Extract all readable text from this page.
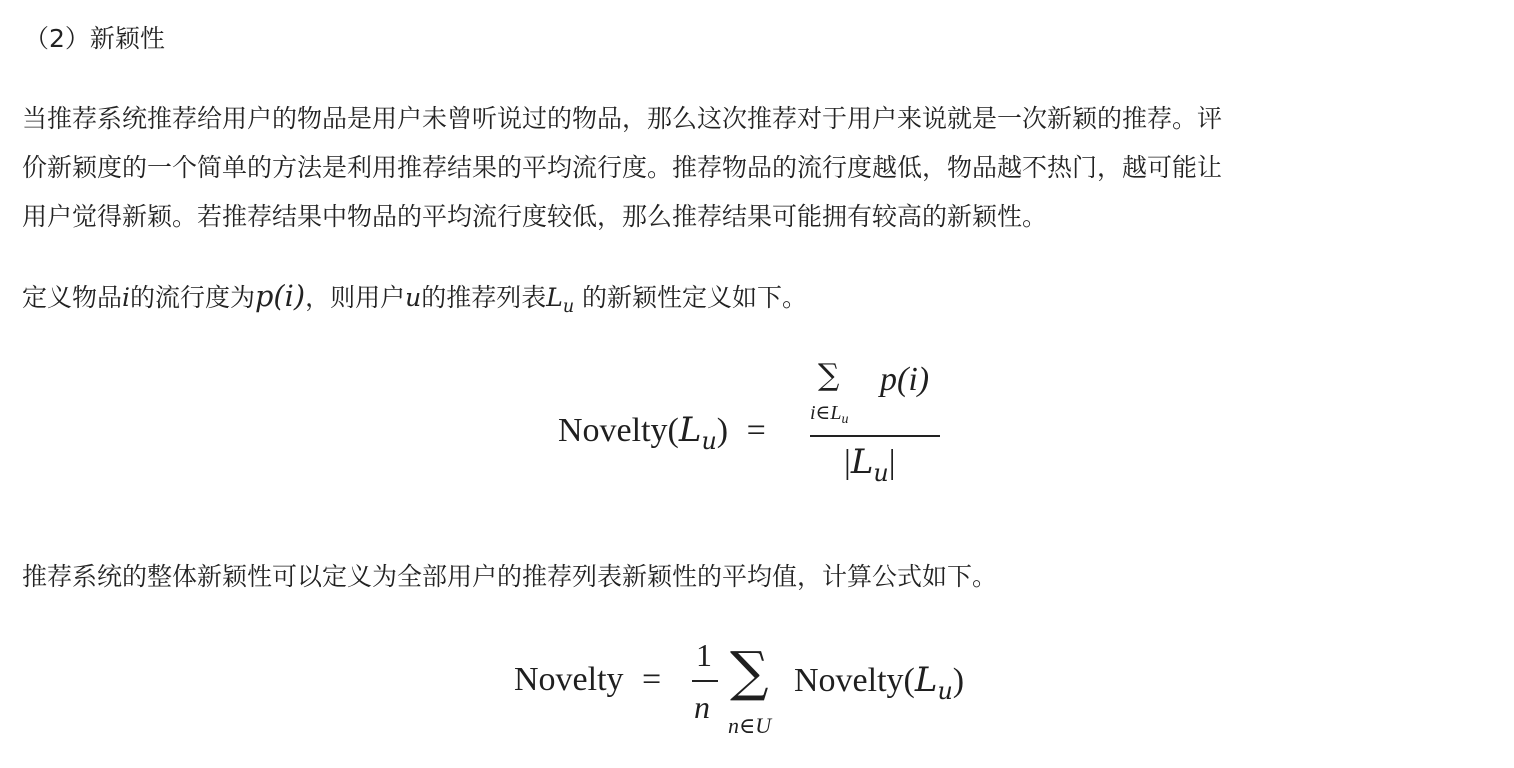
（2）新颖性
当推荐系统推荐给用户的物品是用户未曾听说过的物品，那么这次推荐对于用户来说就是一次新颖的推荐。评
价新颖度的一个简单的方法是利用推荐结果的平均流行度。推荐物品的流行度越低，物品越不热门，越可能让
用户觉得新颖。若推荐结果中物品的平均流行度较低，那么推荐结果可能拥有较高的新颖性。
定义物品i的流行度为p(i)，则用户u的推荐列表$L_u$ 的新颖性定义如下。
$Novelty(L_u)$ =
∑
$i\in L_u$
p(i)
$|L_u|$
推荐系统的整体新颖性可以定义为全部用户的推荐列表新颖性的平均值，计算公式如下。
Novelty =
1
n
∑
n∈U
$Novelty(L_u)$
